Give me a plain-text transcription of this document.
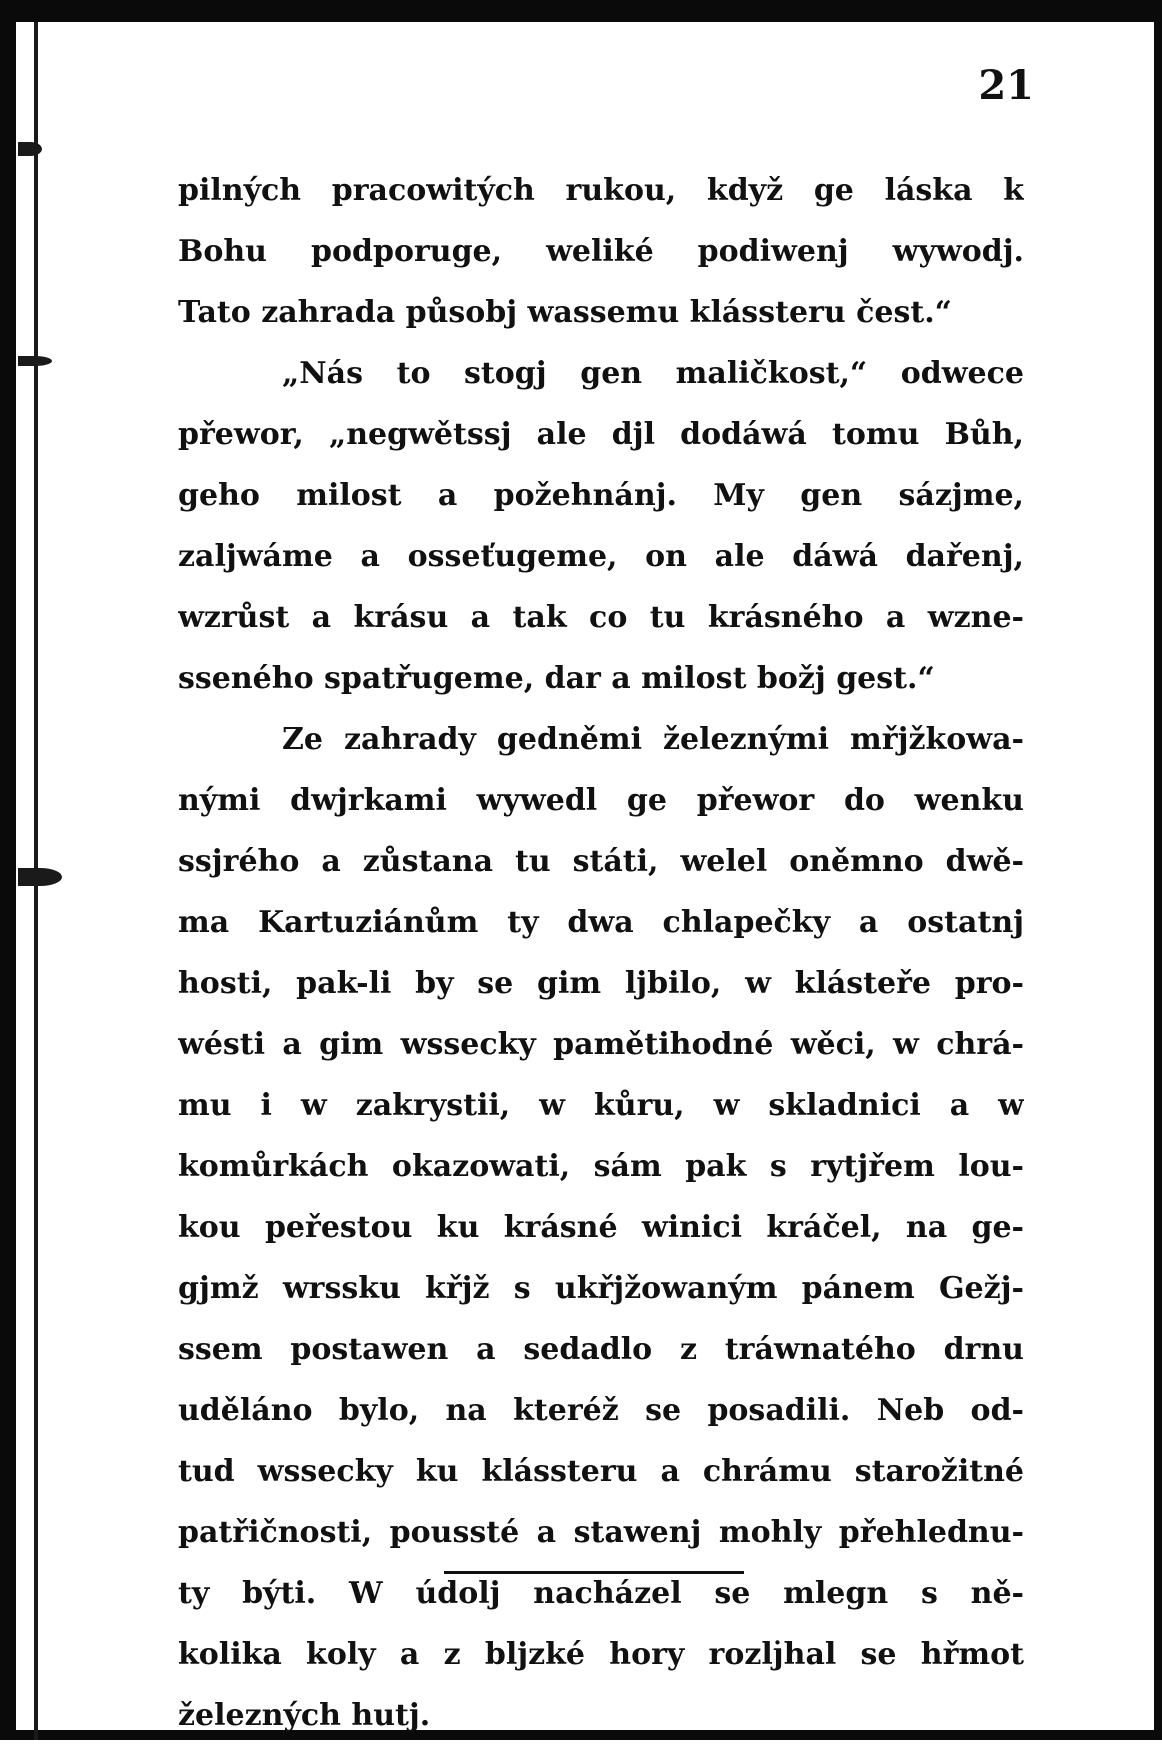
21
pilných pracowitých rukou, když ge láska k
Bohu podporuge, weliké podiwenj wywodj.
Tato zahrada působj wassemu klássteru čest.“
„Nás to stogj gen maličkost,“ odwece
přewor, „negwětssj ale djl dodáwá tomu Bůh,
geho milost a požehnánj. My gen sázjme,
zaljwáme a osseťugeme, on ale dáwá dařenj,
wzrůst a krásu a tak co tu krásného a wzne-
sseného spatřugeme, dar a milost božj gest.“
Ze zahrady gedněmi železnými mřjžkowa-
nými dwjrkami wywedl ge přewor do wenku
ssjrého a zůstana tu státi, welel oněmno dwě-
ma Kartuziánům ty dwa chlapečky a ostatnj
hosti, pak-li by se gim ljbilo, w klásteře pro-
wésti a gim wssecky pamětihodné wěci, w chrá-
mu i w zakrystii, w kůru, w skladnici a w
komůrkách okazowati, sám pak s rytjřem lou-
kou peřestou ku krásné winici kráčel, na ge-
gjmž wrssku křjž s ukřjžowaným pánem Gežj-
ssem postawen a sedadlo z tráwnatého drnu
uděláno bylo, na kteréž se posadili. Neb od-
tud wssecky ku klássteru a chrámu starožitné
patřičnosti, poussté a stawenj mohly přehlednu-
ty býti. W údolj nacházel se mlegn s ně-
kolika koly a z bljzké hory rozlj̇hal se hřmot
železných hutj.
